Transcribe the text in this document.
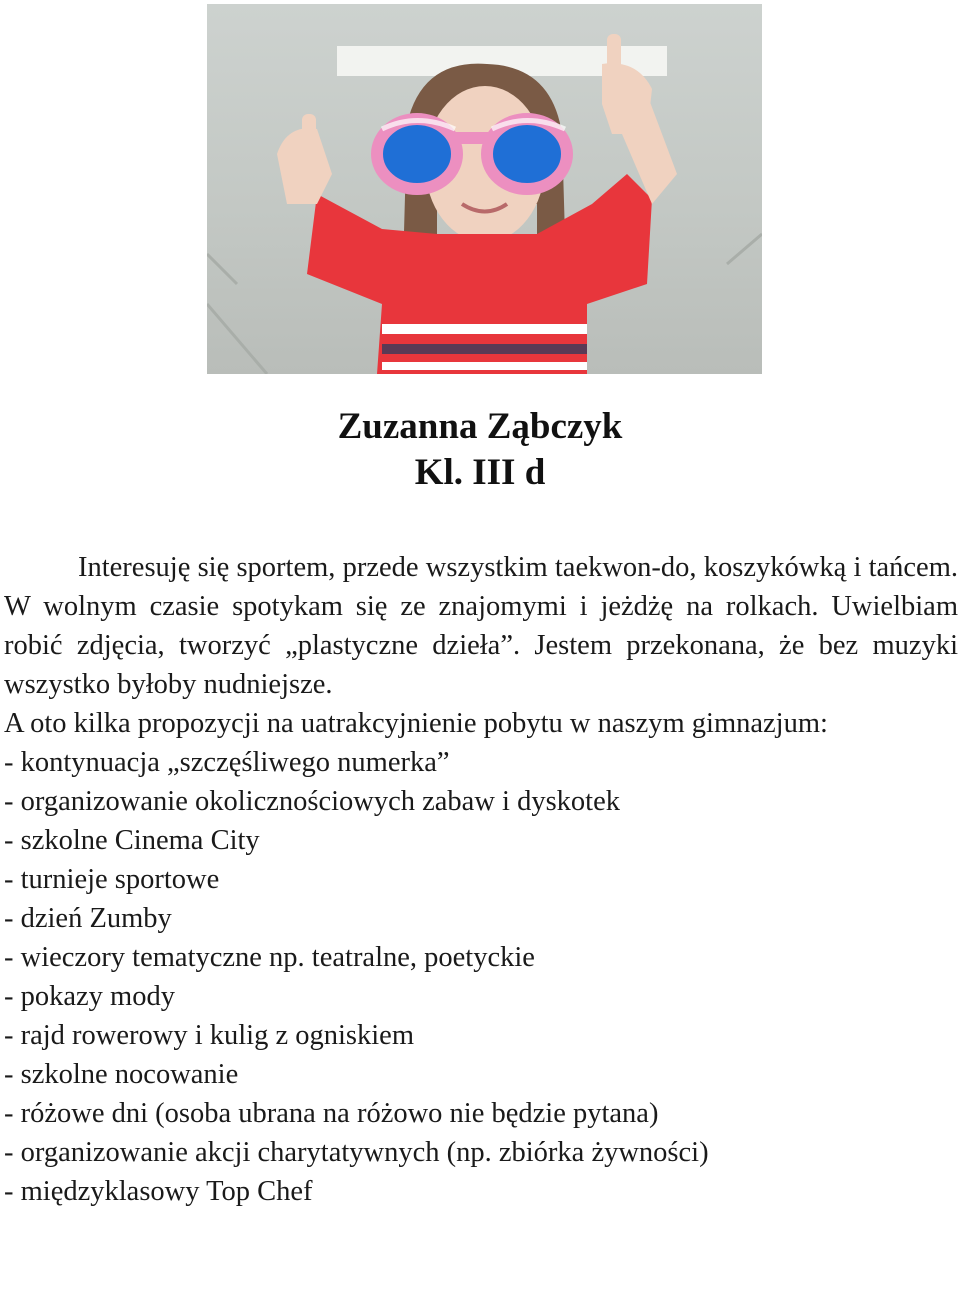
Zuzanna Ząbczyk
Kl. III d

Interesuję się sportem, przede wszystkim taekwon-do, koszykówką i tańcem. W wolnym czasie spotykam się ze znajomymi i jeżdżę na rolkach. Uwielbiam robić zdjęcia, tworzyć „plastyczne dzieła”. Jestem przekonana, że bez muzyki wszystko byłoby nudniejsze.

A oto kilka propozycji na uatrakcyjnienie pobytu w naszym gimnazjum:

- kontynuacja „szczęśliwego numerka”
- organizowanie okolicznościowych zabaw i dyskotek
- szkolne Cinema City
- turnieje sportowe
- dzień Zumby
- wieczory tematyczne np. teatralne, poetyckie
- pokazy mody
- rajd rowerowy i kulig z ogniskiem
- szkolne nocowanie
- różowe dni (osoba ubrana na różowo nie będzie pytana)
- organizowanie akcji charytatywnych (np. zbiórka żywności)
- międzyklasowy Top Chef
